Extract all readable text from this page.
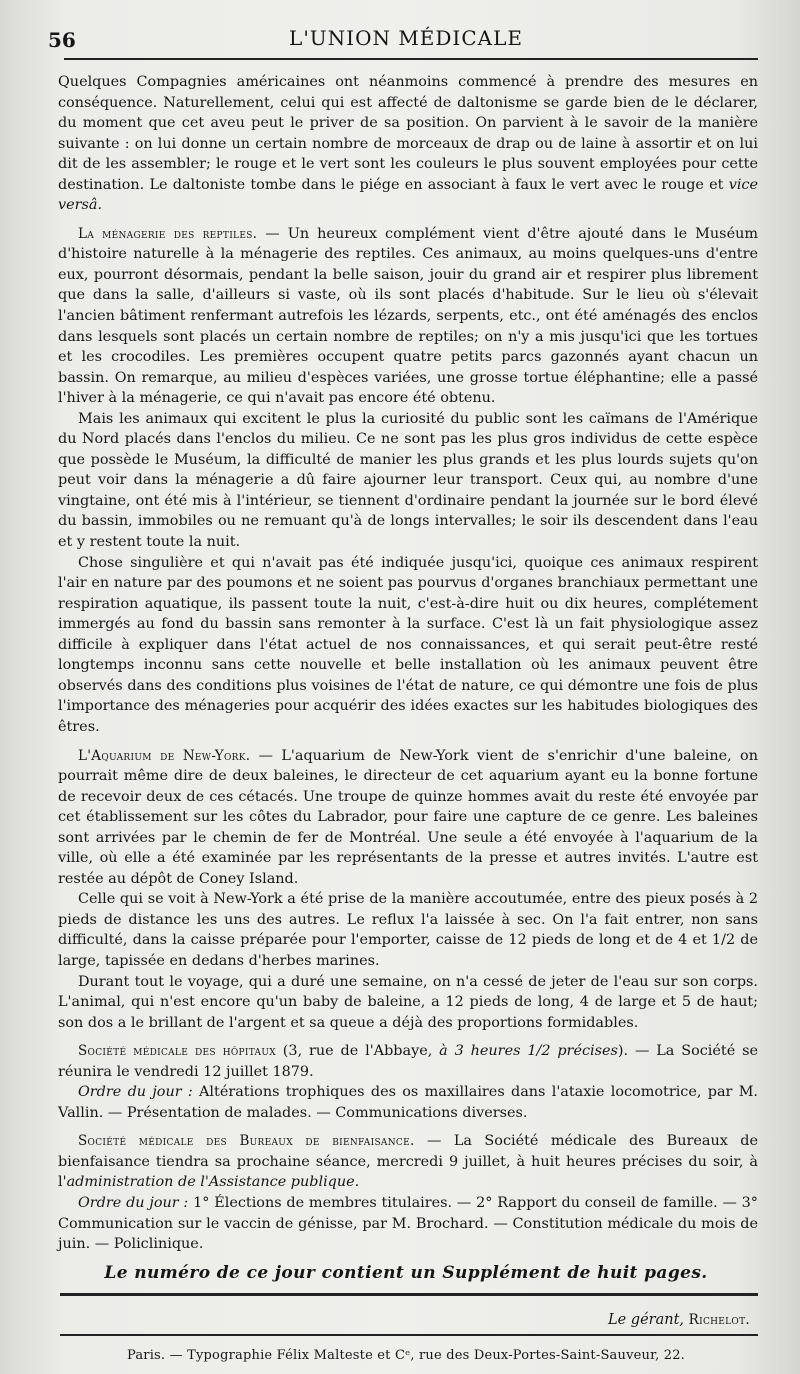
56	L'UNION MÉDICALE

Quelques Compagnies américaines ont néanmoins commencé à prendre des mesures en conséquence. Naturellement, celui qui est affecté de daltonisme se garde bien de le déclarer, du moment que cet aveu peut le priver de sa position. On parvient à le savoir de la manière suivante : on lui donne un certain nombre de morceaux de drap ou de laine à assortir et on lui dit de les assembler; le rouge et le vert sont les couleurs le plus souvent employées pour cette destination. Le daltoniste tombe dans le piége en associant à faux le vert avec le rouge et vice versâ.

La ménagerie des reptiles. — Un heureux complément vient d'être ajouté dans le Muséum d'histoire naturelle à la ménagerie des reptiles. Ces animaux, au moins quelques-uns d'entre eux, pourront désormais, pendant la belle saison, jouir du grand air et respirer plus librement que dans la salle, d'ailleurs si vaste, où ils sont placés d'habitude. Sur le lieu où s'élevait l'ancien bâtiment renfermant autrefois les lézards, serpents, etc., ont été aménagés des enclos dans lesquels sont placés un certain nombre de reptiles; on n'y a mis jusqu'ici que les tortues et les crocodiles. Les premières occupent quatre petits parcs gazonnés ayant chacun un bassin. On remarque, au milieu d'espèces variées, une grosse tortue éléphantine; elle a passé l'hiver à la ménagerie, ce qui n'avait pas encore été obtenu.

Mais les animaux qui excitent le plus la curiosité du public sont les caïmans de l'Amérique du Nord placés dans l'enclos du milieu. Ce ne sont pas les plus gros individus de cette espèce que possède le Muséum, la difficulté de manier les plus grands et les plus lourds sujets qu'on peut voir dans la ménagerie a dû faire ajourner leur transport. Ceux qui, au nombre d'une vingtaine, ont été mis à l'intérieur, se tiennent d'ordinaire pendant la journée sur le bord élevé du bassin, immobiles ou ne remuant qu'à de longs intervalles; le soir ils descendent dans l'eau et y restent toute la nuit.

Chose singulière et qui n'avait pas été indiquée jusqu'ici, quoique ces animaux respirent l'air en nature par des poumons et ne soient pas pourvus d'organes branchiaux permettant une respiration aquatique, ils passent toute la nuit, c'est-à-dire huit ou dix heures, complétement immergés au fond du bassin sans remonter à la surface. C'est là un fait physiologique assez difficile à expliquer dans l'état actuel de nos connaissances, et qui serait peut-être resté longtemps inconnu sans cette nouvelle et belle installation où les animaux peuvent être observés dans des conditions plus voisines de l'état de nature, ce qui démontre une fois de plus l'importance des ménageries pour acquérir des idées exactes sur les habitudes biologiques des êtres.

L'Aquarium de New-York. — L'aquarium de New-York vient de s'enrichir d'une baleine, on pourrait même dire de deux baleines, le directeur de cet aquarium ayant eu la bonne fortune de recevoir deux de ces cétacés. Une troupe de quinze hommes avait du reste été envoyée par cet établissement sur les côtes du Labrador, pour faire une capture de ce genre. Les baleines sont arrivées par le chemin de fer de Montréal. Une seule a été envoyée à l'aquarium de la ville, où elle a été examinée par les représentants de la presse et autres invités. L'autre est restée au dépôt de Coney Island.

Celle qui se voit à New-York a été prise de la manière accoutumée, entre des pieux posés à 2 pieds de distance les uns des autres. Le reflux l'a laissée à sec. On l'a fait entrer, non sans difficulté, dans la caisse préparée pour l'emporter, caisse de 12 pieds de long et de 4 et 1/2 de large, tapissée en dedans d'herbes marines.

Durant tout le voyage, qui a duré une semaine, on n'a cessé de jeter de l'eau sur son corps. L'animal, qui n'est encore qu'un baby de baleine, a 12 pieds de long, 4 de large et 5 de haut; son dos a le brillant de l'argent et sa queue a déjà des proportions formidables.

Société médicale des hôpitaux (3, rue de l'Abbaye, à 3 heures 1/2 précises). — La Société se réunira le vendredi 12 juillet 1879.

Ordre du jour : Altérations trophiques des os maxillaires dans l'ataxie locomotrice, par M. Vallin. — Présentation de malades. — Communications diverses.

Société médicale des Bureaux de bienfaisance. — La Société médicale des Bureaux de bienfaisance tiendra sa prochaine séance, mercredi 9 juillet, à huit heures précises du soir, à l'administration de l'Assistance publique.

Ordre du jour : 1° Élections de membres titulaires. — 2° Rapport du conseil de famille. — 3° Communication sur le vaccin de génisse, par M. Brochard. — Constitution médicale du mois de juin. — Policlinique.

Le numéro de ce jour contient un Supplément de huit pages.
Le gérant, Richelot.
Paris. — Typographie Félix Malteste et Cᵉ, rue des Deux-Portes-Saint-Sauveur, 22.
